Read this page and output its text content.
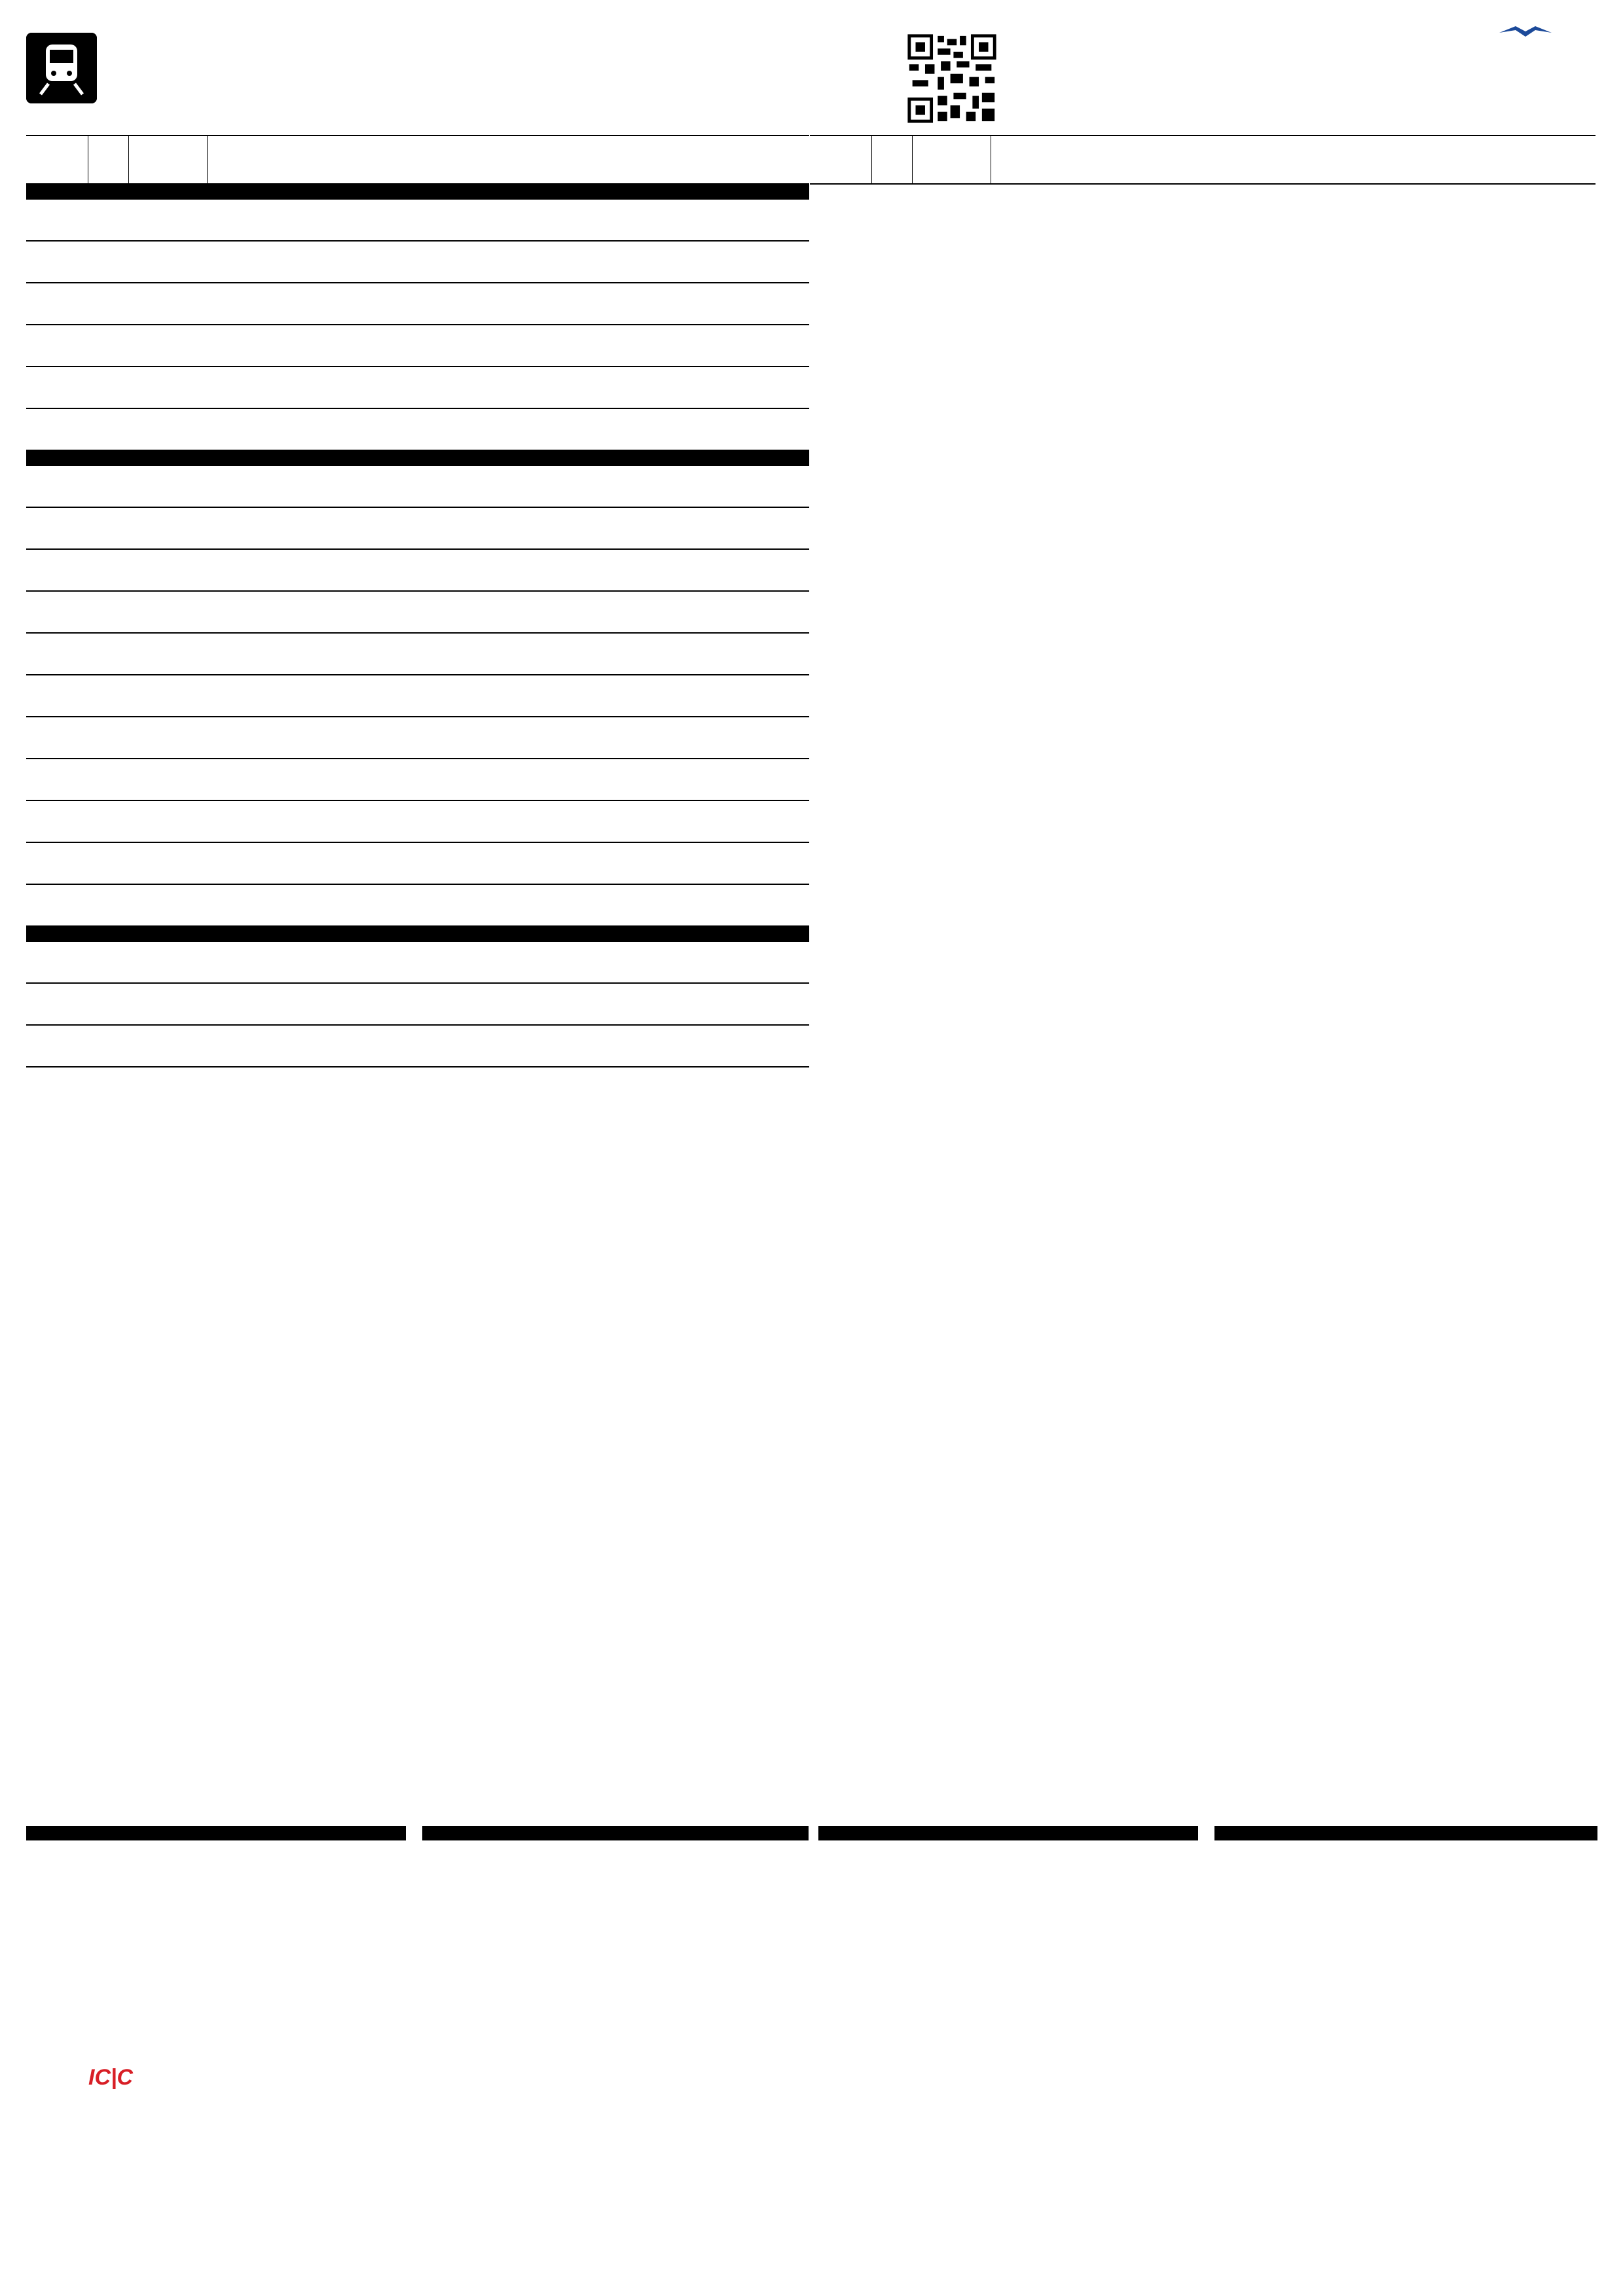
IC|C
